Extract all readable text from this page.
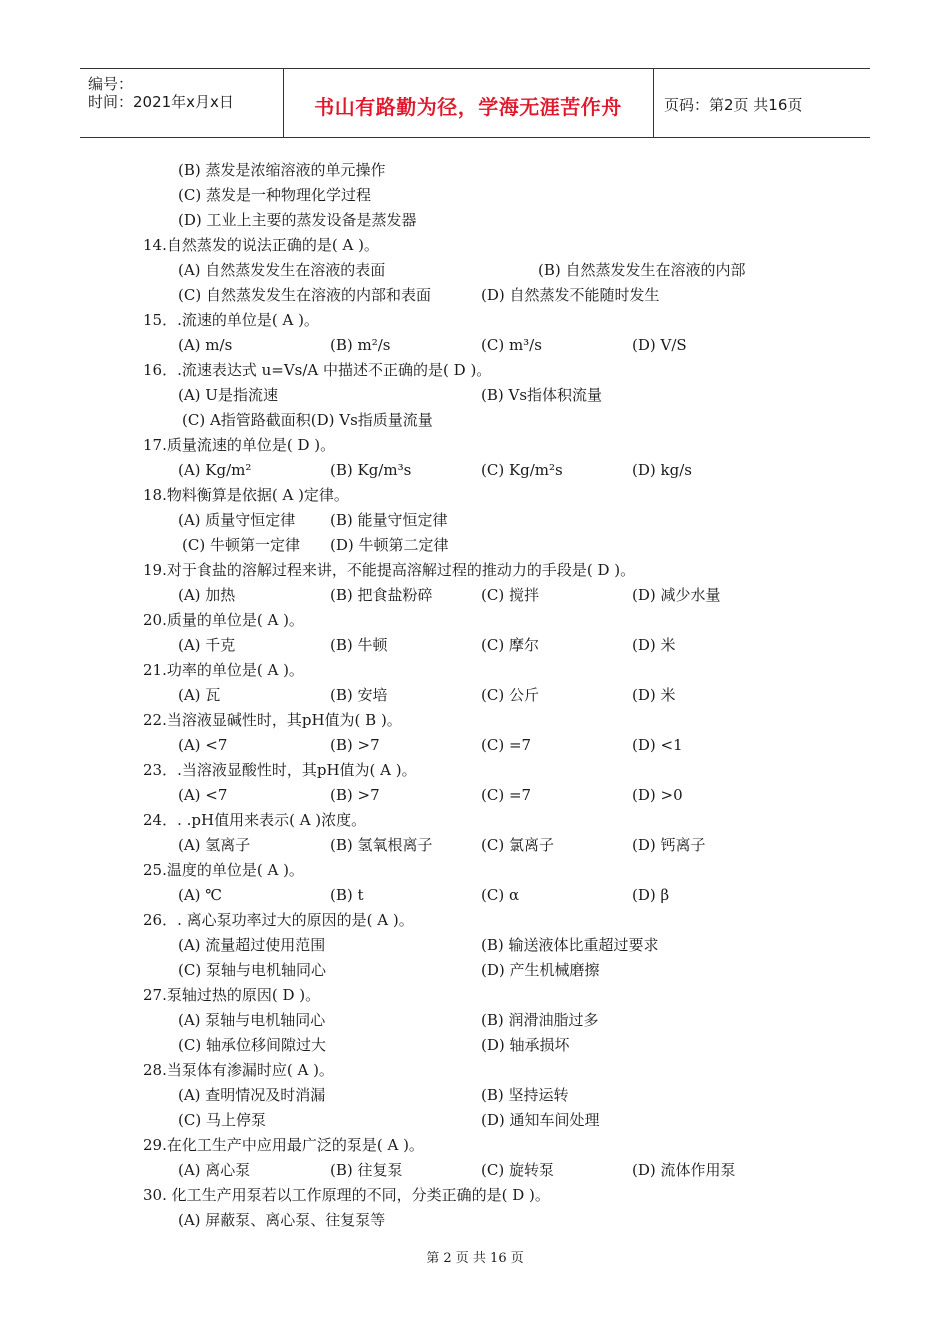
编号：
时间：2021年x月x日	书山有路勤为径，学海无涯苦作舟	页码：第2页 共16页
(B) 蒸发是浓缩溶液的单元操作
(C) 蒸发是一种物理化学过程
(D) 工业上主要的蒸发设备是蒸发器
14.自然蒸发的说法正确的是( A )。
(A) 自然蒸发发生在溶液的表面	(B) 自然蒸发发生在溶液的内部
(C) 自然蒸发发生在溶液的内部和表面	(D) 自然蒸发不能随时发生
15．.流速的单位是( A )。
(A) m/s	(B) m²/s	(C) m³/s	(D) V/S
16．.流速表达式 u=Vs/A 中描述不正确的是( D )。
(A) U是指流速	(B) Vs指体积流量
(C) A指管路截面积(D) Vs指质量流量
17.质量流速的单位是( D )。
(A) Kg/m²	(B) Kg/m³s	(C) Kg/m²s	(D) kg/s
18.物料衡算是依据( A )定律。
(A) 质量守恒定律 (B) 能量守恒定律
(C) 牛顿第一定律 (D) 牛顿第二定律
19.对于食盐的溶解过程来讲，不能提高溶解过程的推动力的手段是( D )。
(A) 加热	(B) 把食盐粉碎	(C) 搅拌	(D) 减少水量
20.质量的单位是( A )。
(A) 千克	(B) 牛顿	(C) 摩尔	(D) 米
21.功率的单位是( A )。
(A) 瓦	(B) 安培	(C) 公斤	(D) 米
22.当溶液显碱性时，其pH值为( B )。
(A) <7	(B) >7	(C) =7	(D) <1
23．.当溶液显酸性时，其pH值为( A )。
(A) <7	(B) >7	(C) =7	(D) >0
24．. .pH值用来表示( A )浓度。
(A) 氢离子	(B) 氢氧根离子	(C) 氯离子	(D) 钙离子
25.温度的单位是( A )。
(A) ℃	(B) t	(C) α	(D) β
26．. 离心泵功率过大的原因的是( A )。
(A) 流量超过使用范围	(B) 输送液体比重超过要求
(C) 泵轴与电机轴同心	(D) 产生机械磨擦
27.泵轴过热的原因( D )。
(A) 泵轴与电机轴同心	(B) 润滑油脂过多
(C) 轴承位移间隙过大	(D) 轴承损坏
28.当泵体有渗漏时应( A )。
(A) 查明情况及时消漏	(B) 坚持运转
(C) 马上停泵	(D) 通知车间处理
29.在化工生产中应用最广泛的泵是( A )。
(A) 离心泵	(B) 往复泵	(C) 旋转泵	(D) 流体作用泵
30. 化工生产用泵若以工作原理的不同，分类正确的是( D )。
(A) 屏蔽泵、离心泵、往复泵等
第 2 页 共 16 页
